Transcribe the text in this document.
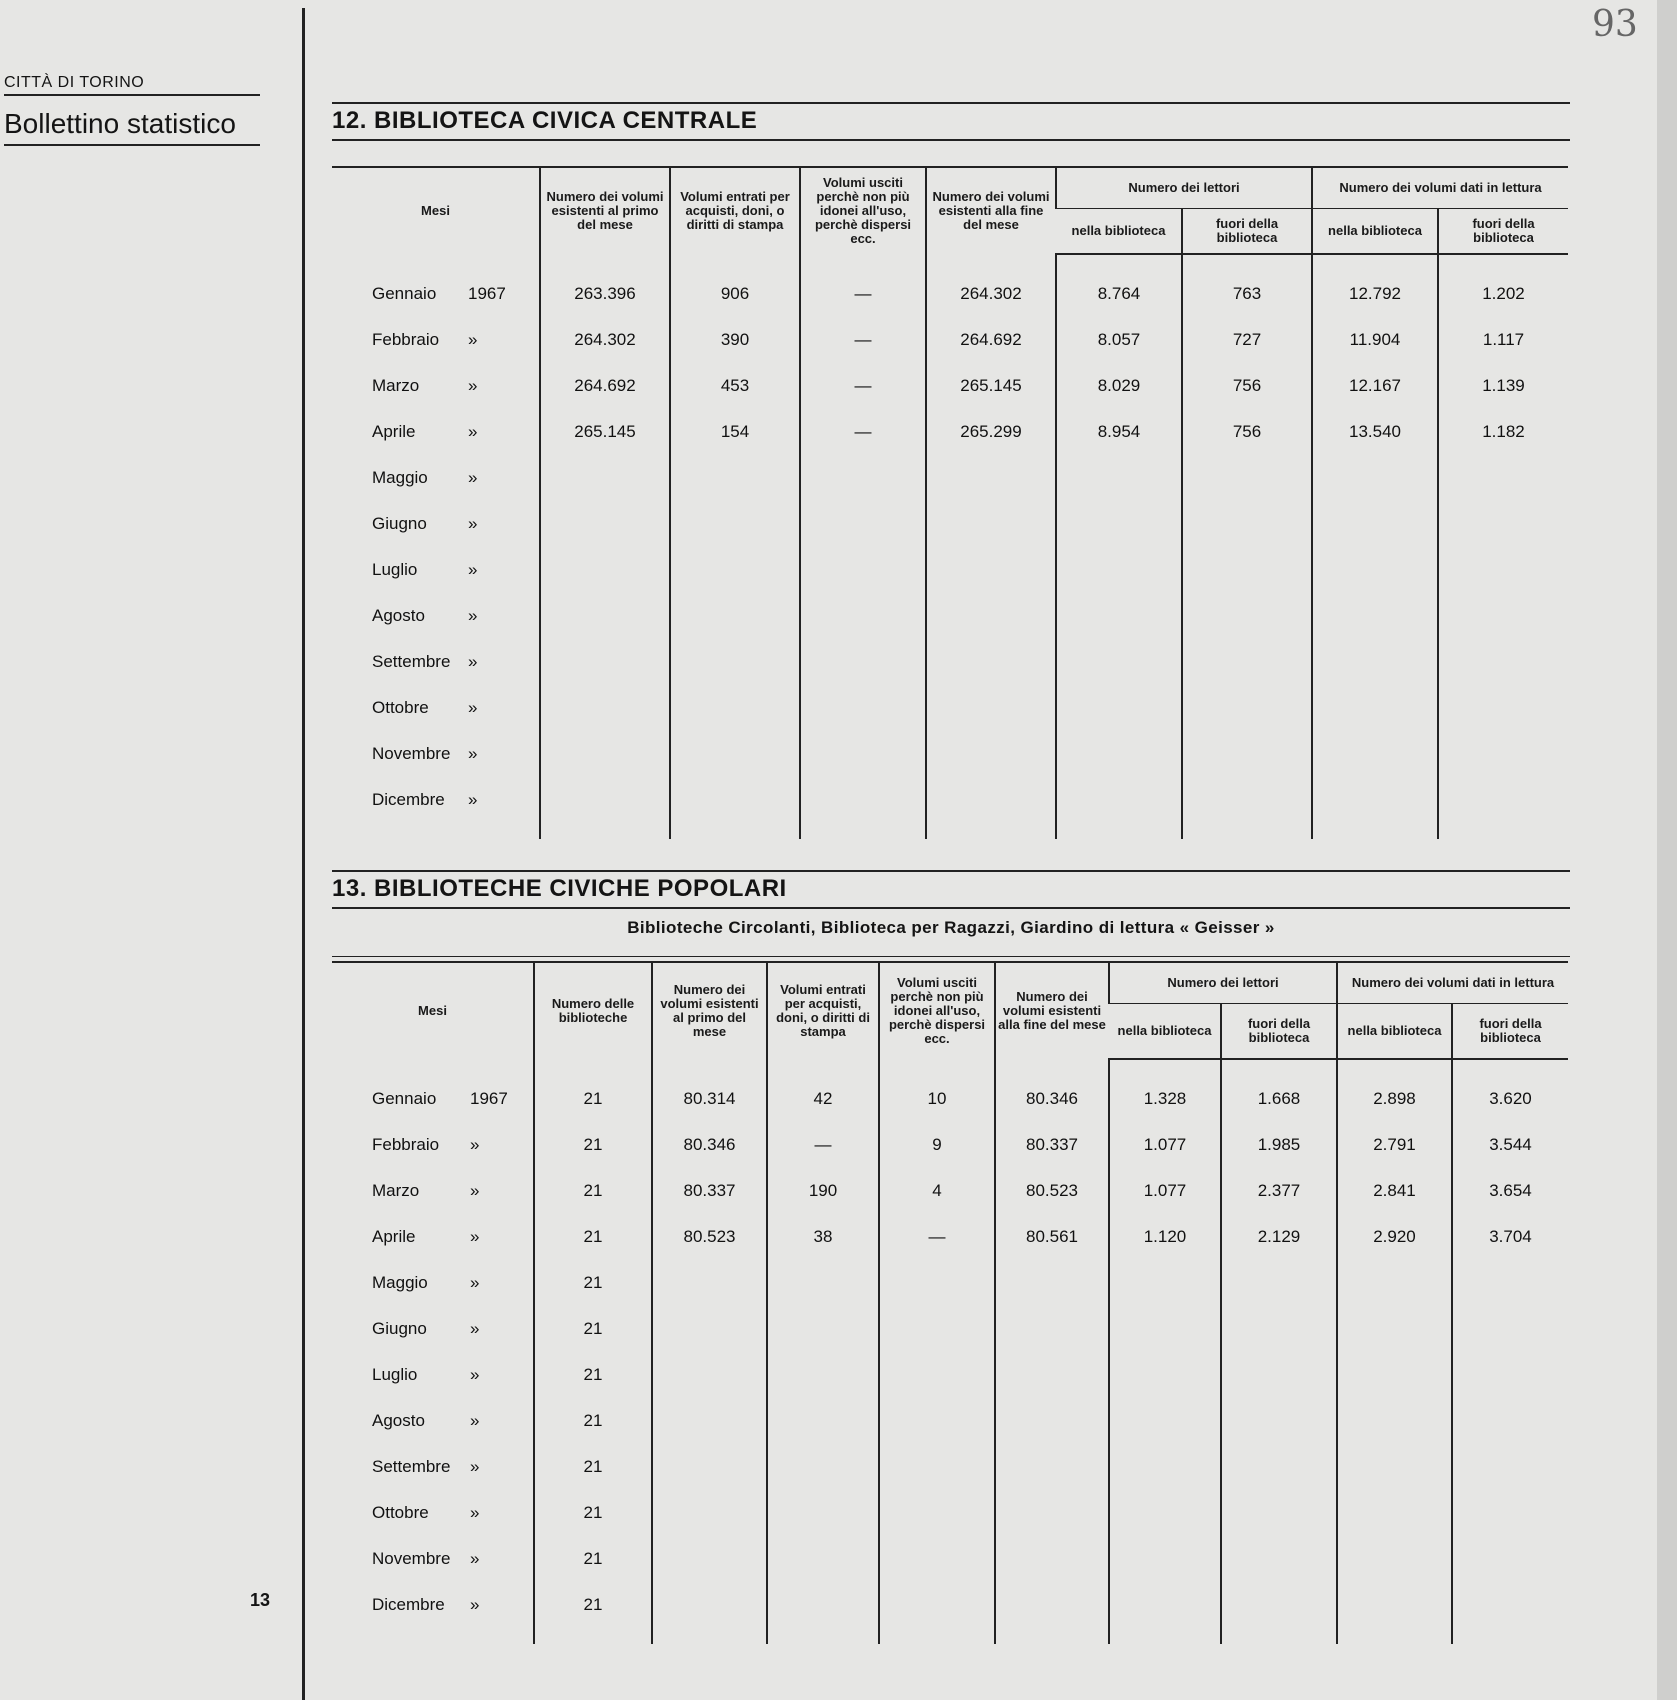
93
CITTÀ DI TORINO
Bollettino statistico
13
12. BIBLIOTECA CIVICA CENTRALE
Mesi	Numero dei volumi esistenti al primo del mese	Volumi entrati per acquisti, doni, o diritti di stampa	Volumi usciti perchè non più idonei all'uso, perchè dispersi ecc.	Numero dei volumi esistenti alla fine del mese	Numero dei lettori		Numero dei volumi dati in lettura	
					nella biblioteca	fuori della biblioteca	nella biblioteca	fuori della biblioteca

Gennaio 1967	263.396	906	—	264.302	8.764	763	12.792	1.202
Febbraio »	264.302	390	—	264.692	8.057	727	11.904	1.117
Marzo »	264.692	453	—	265.145	8.029	756	12.167	1.139
Aprile »	265.145	154	—	265.299	8.954	756	13.540	1.182
Maggio »								
Giugno »								
Luglio »								
Agosto »								
Settembre »								
Ottobre »								
Novembre »								
Dicembre »								

13. BIBLIOTECHE CIVICHE POPOLARI
Biblioteche Circolanti, Biblioteca per Ragazzi, Giardino di lettura « Geisser »
Mesi	Numero delle biblioteche	Numero dei volumi esistenti al primo del mese	Volumi entrati per acquisti, doni, o diritti di stampa	Volumi usciti perchè non più idonei all'uso, perchè dispersi ecc.	Numero dei volumi esistenti alla fine del mese	Numero dei lettori		Numero dei volumi dati in lettura	
						nella biblioteca	fuori della biblioteca	nella biblioteca	fuori della biblioteca

Gennaio 1967	21	80.314	42	10	80.346	1.328	1.668	2.898	3.620
Febbraio »	21	80.346	—	9	80.337	1.077	1.985	2.791	3.544
Marzo »	21	80.337	190	4	80.523	1.077	2.377	2.841	3.654
Aprile »	21	80.523	38	—	80.561	1.120	2.129	2.920	3.704
Maggio »	21								
Giugno »	21								
Luglio »	21								
Agosto »	21								
Settembre »	21								
Ottobre »	21								
Novembre »	21								
Dicembre »	21								
